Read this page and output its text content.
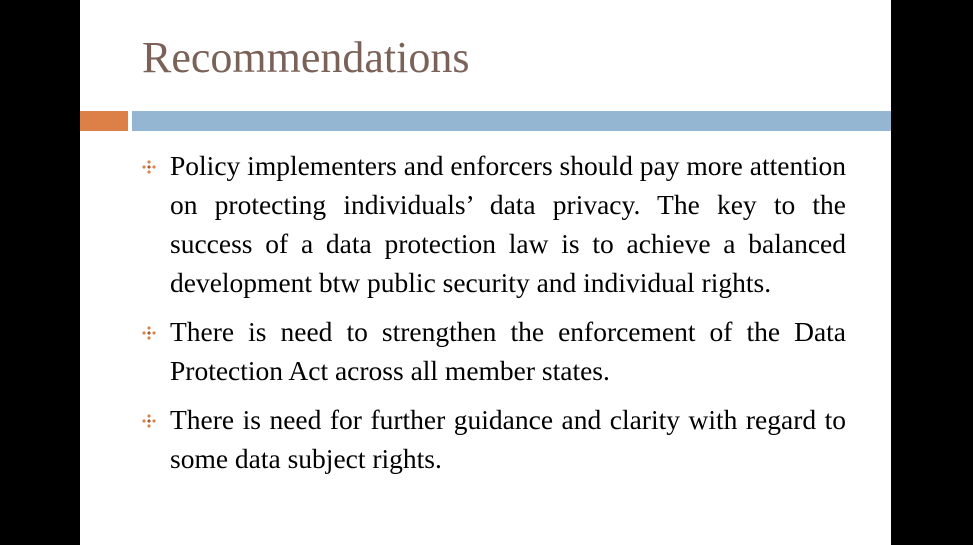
Recommendations
Policy implementers and enforcers should pay more attention on protecting individuals’ data privacy. The key to the success of a data protection law is to achieve a balanced development btw public security and individual rights.
There is need to strengthen the enforcement of the Data Protection Act across all member states.
There is need for further guidance and clarity with regard to some data subject rights.
